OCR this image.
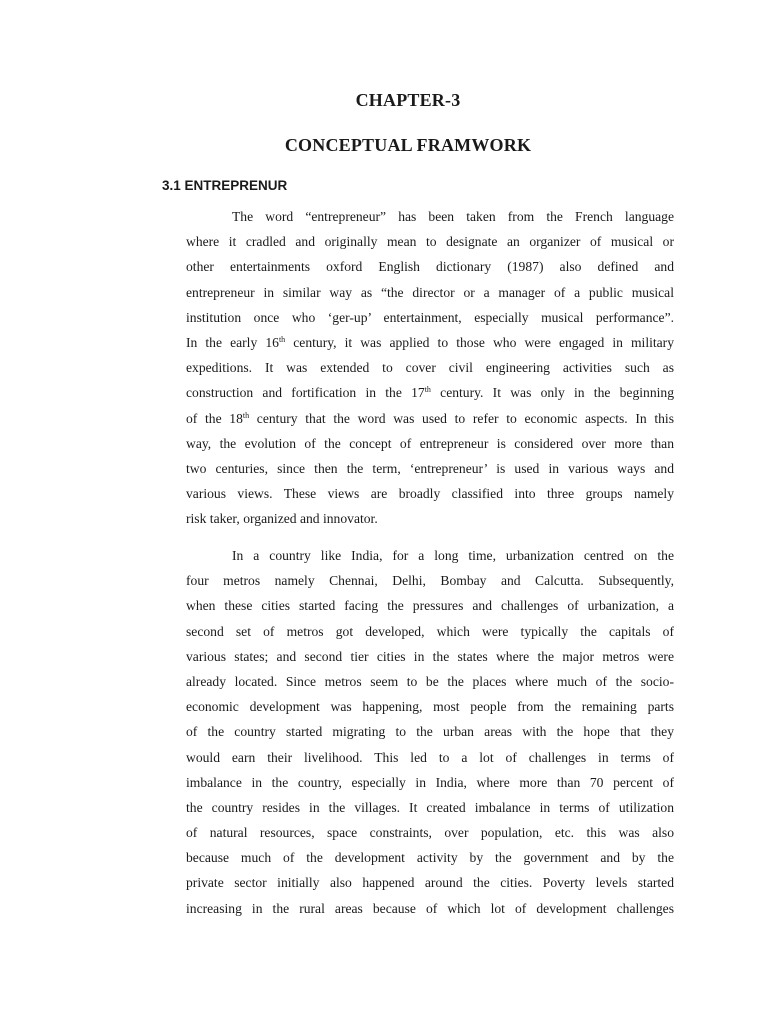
CHAPTER-3
CONCEPTUAL FRAMWORK
3.1 ENTREPRENUR
The word “entrepreneur” has been taken from the French language
where it cradled and originally mean to designate an organizer of musical or
other entertainments oxford English dictionary (1987) also defined and
entrepreneur in similar way as “the director or a manager of a public musical
institution once who ‘ger-up’ entertainment, especially musical performance”.
In the early 16th century, it was applied to those who were engaged in military
expeditions. It was extended to cover civil engineering activities such as
construction and fortification in the 17th century. It was only in the beginning
of the 18th century that the word was used to refer to economic aspects. In this
way, the evolution of the concept of entrepreneur is considered over more than
two centuries, since then the term, ‘entrepreneur’ is used in various ways and
various views. These views are broadly classified into three groups namely
risk taker, organized and innovator.
In a country like India, for a long time, urbanization centred on the
four metros namely Chennai, Delhi, Bombay and Calcutta. Subsequently,
when these cities started facing the pressures and challenges of urbanization, a
second set of metros got developed, which were typically the capitals of
various states; and second tier cities in the states where the major metros were
already located. Since metros seem to be the places where much of the socio-
economic development was happening, most people from the remaining parts
of the country started migrating to the urban areas with the hope that they
would earn their livelihood. This led to a lot of challenges in terms of
imbalance in the country, especially in India, where more than 70 percent of
the country resides in the villages. It created imbalance in terms of utilization
of natural resources, space constraints, over population, etc. this was also
because much of the development activity by the government and by the
private sector initially also happened around the cities. Poverty levels started
increasing in the rural areas because of which lot of development challenges
